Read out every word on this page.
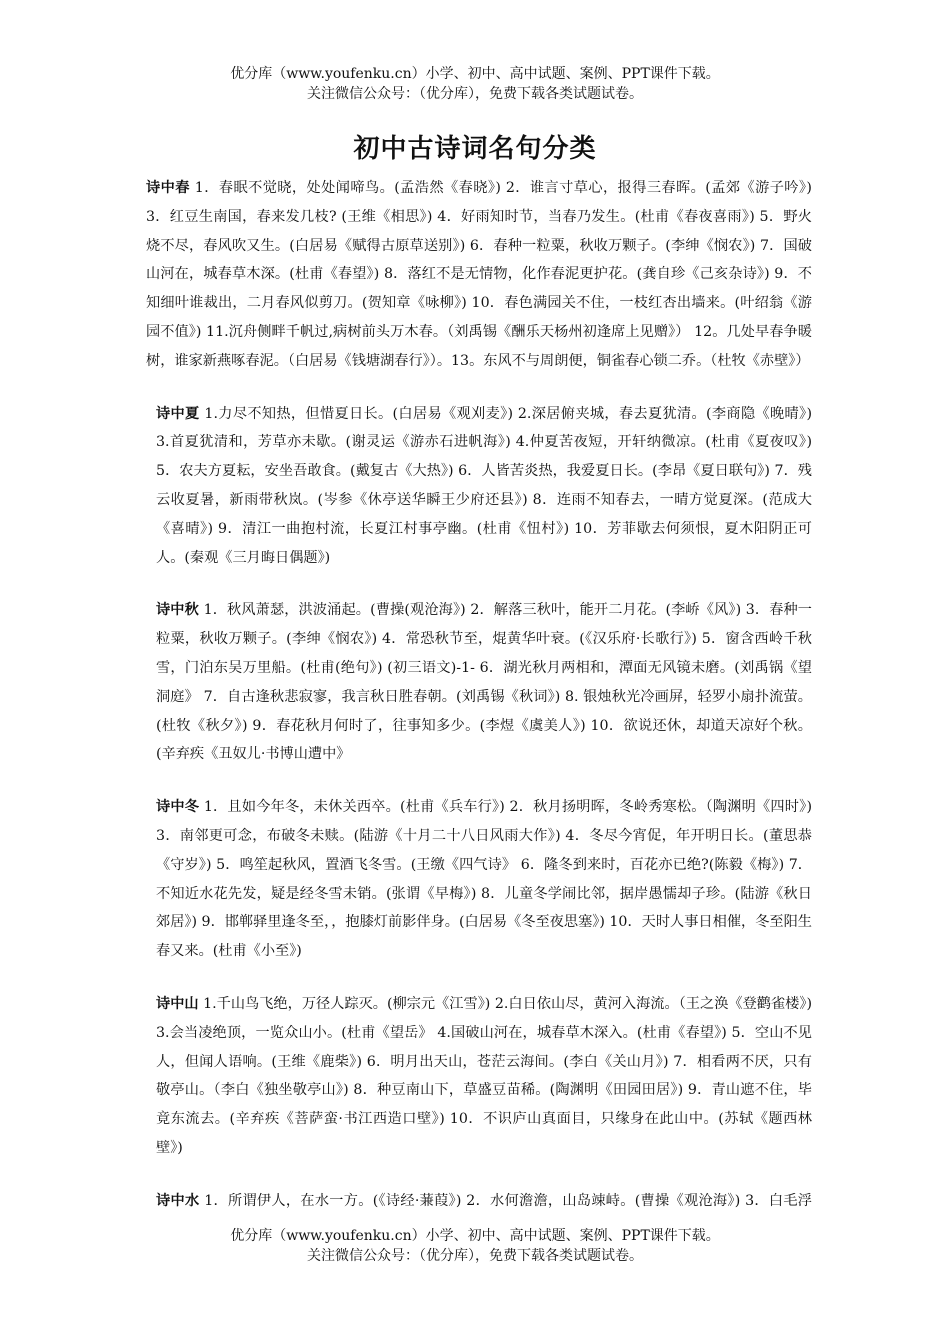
优分库（www.youfenku.cn）小学、初中、高中试题、案例、PPT课件下载。
关注微信公众号：（优分库），免费下载各类试题试卷。
初中古诗词名句分类

诗中春 1．春眠不觉晓，处处闻啼鸟。(孟浩然《春晓》) 2．谁言寸草心，报得三春晖。(孟郊《游子吟》) 3．红豆生南国，春来发几枝? (王维《相思》) 4．好雨知时节，当春乃发生。(杜甫《春夜喜雨》) 5．野火烧不尽，春风吹又生。(白居易《赋得古原草送别》) 6．春种一粒粟，秋收万颗子。(李绅《悯农》) 7．国破山河在，城春草木深。(杜甫《春望》) 8．落红不是无情物，化作春泥更护花。(龚自珍《己亥杂诗》) 9．不知细叶谁裁出，二月春风似剪刀。(贺知章《咏柳》) 10．春色满园关不住，一枝红杏出墙来。(叶绍翁《游园不值》) 11.沉舟侧畔千帆过,病树前头万木春。（刘禹锡《酬乐天杨州初逢席上见赠》） 12。几处早春争暖树，谁家新燕啄春泥。（白居易《钱塘湖春行》）。13。东风不与周朗便，铜雀春心锁二乔。（杜牧《赤壁》）

诗中夏 1.力尽不知热，但惜夏日长。(白居易《观刈麦》) 2.深居俯夹城，春去夏犹清。(李商隐《晚晴》) 3.首夏犹清和，芳草亦未歇。(谢灵运《游赤石进帆海》) 4.仲夏苦夜短，开轩纳微凉。(杜甫《夏夜叹》) 5．农夫方夏耘，安坐吾敢食。(戴复古《大热》) 6．人皆苦炎热，我爱夏日长。(李昂《夏日联句》) 7．残云收夏暑，新雨带秋岚。(岑参《休亭送华瞬王少府还县》) 8．连雨不知春去，一晴方觉夏深。(范成大《喜晴》) 9．清江一曲抱村流，长夏江村事亭幽。(杜甫《忸村》) 10．芳菲歇去何须恨，夏木阳阴正可人。(秦观《三月晦日偶题》)

诗中秋 1．秋风萧瑟，洪波涌起。(曹操(观沧海》) 2．解落三秋叶，能开二月花。(李峤《风》) 3．春种一粒粟，秋收万颗子。(李绅《悯农》) 4．常恐秋节至，焜黄华叶衰。(《汉乐府·长歌行》) 5．窗含西岭千秋雪，门泊东吴万里船。(杜甫(绝句》) (初三语文)-1- 6．湖光秋月两相和，潭面无风镜未磨。(刘禹锅《望洞庭》 7．自古逢秋悲寂寥，我言秋日胜春朝。(刘禹锡《秋词》) 8. 银烛秋光冷画屏，轻罗小扇扑流萤。(杜牧《秋夕》) 9．春花秋月何时了，往事知多少。(李煜《虞美人》) 10．欲说还休，却道天凉好个秋。(辛弃疾《丑奴儿·书博山遭中》

诗中冬 1．且如今年冬，未休关西卒。(杜甫《兵车行》) 2．秋月扬明晖，冬岭秀寒松。（陶渊明《四时》) 3．南邻更可念，布破冬未赎。(陆游《十月二十八日风雨大作》) 4．冬尽今宵促，年开明日长。(董思恭《守岁》) 5．鸣笙起秋风，置酒飞冬雪。(王缴《四气诗》 6．隆冬到来时，百花亦已绝?(陈毅《梅》) 7．不知近水花先发，疑是经冬雪未销。(张谓《早梅》) 8．儿童冬学闹比邻，据岸愚懦却子珍。(陆游《秋日郊居》) 9．邯郸驿里逢冬至，，抱膝灯前影伴身。(白居易《冬至夜思塞》) 10．天时人事日相催，冬至阳生春又来。(杜甫《小至》)

诗中山 1.千山鸟飞绝，万径人踪灭。(柳宗元《江雪》) 2.白日依山尽，黄河入海流。（王之涣《登鹳雀楼》) 3.会当凌绝顶，一览众山小。(杜甫《望岳》 4.国破山河在，城春草木深入。(杜甫《春望》) 5．空山不见人，但闻人语响。(王维《鹿柴》) 6．明月出天山，苍茫云海间。(李白《关山月》) 7．相看两不厌，只有敬亭山。（李白《独坐敬亭山》) 8．种豆南山下，草盛豆苗稀。(陶渊明《田园田居》) 9．青山遮不住，毕竟东流去。(辛弃疾《菩萨蛮·书江西造口壁》) 10．不识庐山真面目，只缘身在此山中。(苏轼《题西林壁》)

诗中水 1．所谓伊人，在水一方。(《诗经·蒹葭》) 2．水何澹澹，山岛竦峙。(曹操《观沧海》) 3．白毛浮

优分库（www.youfenku.cn）小学、初中、高中试题、案例、PPT课件下载。
关注微信公众号：（优分库），免费下载各类试题试卷。
